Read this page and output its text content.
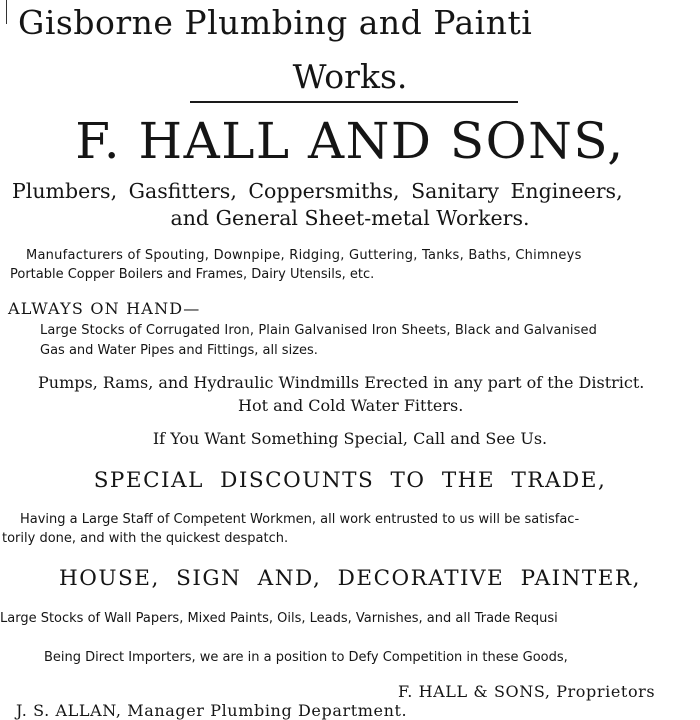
Gisborne Plumbing and Painti
Works.
F. HALL AND SONS,
Plumbers, Gasfitters, Coppersmiths, Sanitary Engineers,
and General Sheet-metal Workers.
Manufacturers of Spouting, Downpipe, Ridging, Guttering, Tanks, Baths, Chimneys
Portable Copper Boilers and Frames, Dairy Utensils, etc.
ALWAYS ON HAND—
Large Stocks of Corrugated Iron, Plain Galvanised Iron Sheets, Black and Galvanised
Gas and Water Pipes and Fittings, all sizes.
Pumps, Rams, and Hydraulic Windmills Erected in any part of the District.
Hot and Cold Water Fitters.
If You Want Something Special, Call and See Us.
SPECIAL DISCOUNTS TO THE TRADE,
Having a Large Staff of Competent Workmen, all work entrusted to us will be satisfac-
torily done, and with the quickest despatch.
HOUSE, SIGN AND, DECORATIVE PAINTER,
Large Stocks of Wall Papers, Mixed Paints, Oils, Leads, Varnishes, and all Trade Requsi
Being Direct Importers, we are in a position to Defy Competition in these Goods,
F. HALL & SONS, Proprietors
J. S. ALLAN, Manager Plumbing Department.
